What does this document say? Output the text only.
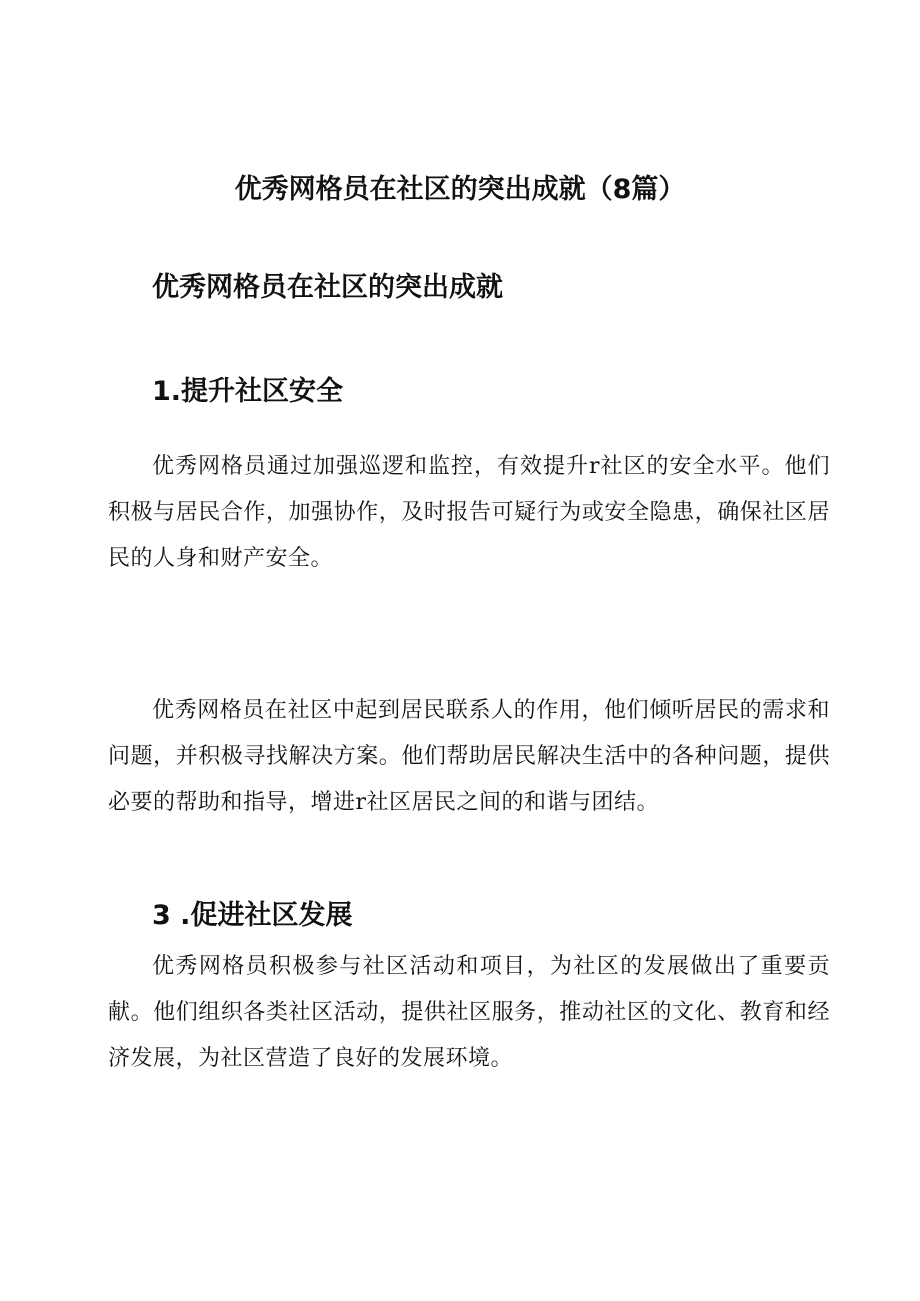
优秀网格员在社区的突出成就（8篇）
优秀网格员在社区的突出成就
1.提升社区安全
优秀网格员通过加强巡逻和监控，有效提升r社区的安全水平。他们积极与居民合作，加强协作，及时报告可疑行为或安全隐患，确保社区居民的人身和财产安全。
优秀网格员在社区中起到居民联系人的作用，他们倾听居民的需求和问题，并积极寻找解决方案。他们帮助居民解决生活中的各种问题，提供必要的帮助和指导，增进r社区居民之间的和谐与团结。
3 .促进社区发展
优秀网格员积极参与社区活动和项目，为社区的发展做出了重要贡献。他们组织各类社区活动，提供社区服务，推动社区的文化、教育和经济发展，为社区营造了良好的发展环境。
